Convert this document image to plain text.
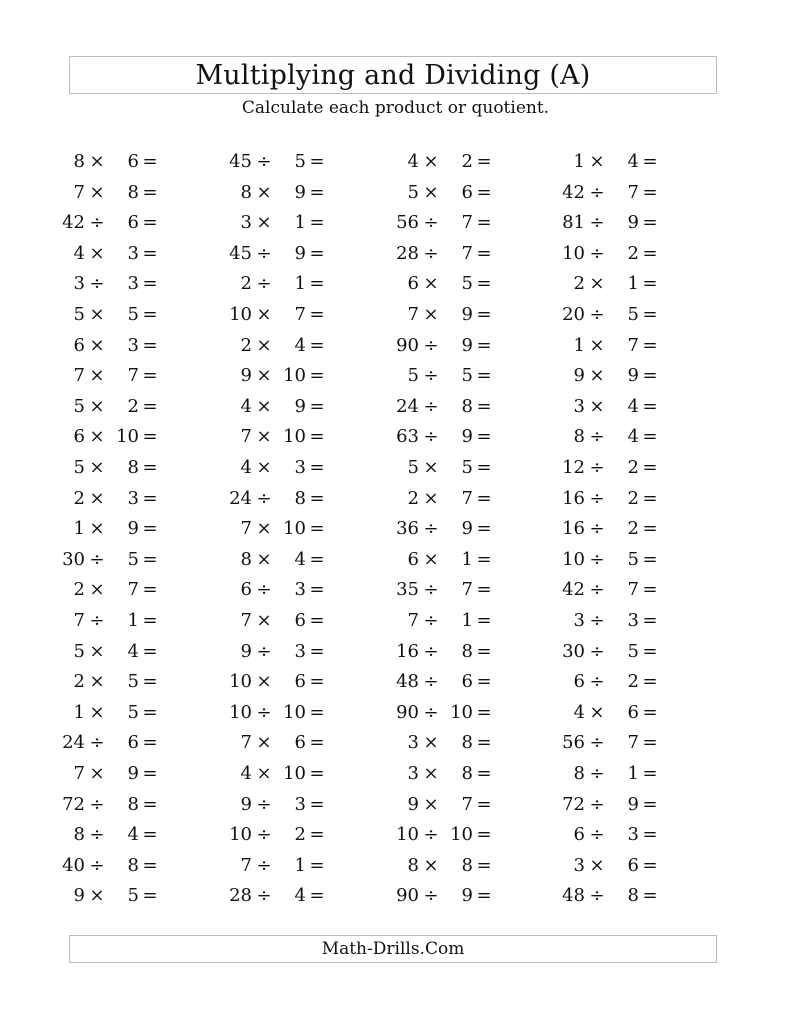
Multiplying and Dividing (A)
Calculate each product or quotient.
8 ×	6 =	45 ÷	5 =	4 ×	2 =	1 ×	4 =
7 ×	8 =	8 ×	9 =	5 ×	6 =	42 ÷	7 =
42 ÷	6 =	3 ×	1 =	56 ÷	7 =	81 ÷	9 =
4 ×	3 =	45 ÷	9 =	28 ÷	7 =	10 ÷	2 =
3 ÷	3 =	2 ÷	1 =	6 ×	5 =	2 ×	1 =
5 ×	5 =	10 ×	7 =	7 ×	9 =	20 ÷	5 =
6 ×	3 =	2 ×	4 =	90 ÷	9 =	1 ×	7 =
7 ×	7 =	9 × 10 =	5 ÷	5 =	9 ×	9 =
5 ×	2 =	4 ×	9 =	24 ÷	8 =	3 ×	4 =
6 × 10 =	7 × 10 =	63 ÷	9 =	8 ÷	4 =
5 ×	8 =	4 ×	3 =	5 ×	5 =	12 ÷	2 =
2 ×	3 =	24 ÷	8 =	2 ×	7 =	16 ÷	2 =
1 ×	9 =	7 × 10 =	36 ÷	9 =	16 ÷	2 =
30 ÷	5 =	8 ×	4 =	6 ×	1 =	10 ÷	5 =
2 ×	7 =	6 ÷	3 =	35 ÷	7 =	42 ÷	7 =
7 ÷	1 =	7 ×	6 =	7 ÷	1 =	3 ÷	3 =
5 ×	4 =	9 ÷	3 =	16 ÷	8 =	30 ÷	5 =
2 ×	5 =	10 ×	6 =	48 ÷	6 =	6 ÷	2 =
1 ×	5 =	10 ÷ 10 =	90 ÷ 10 =	4 ×	6 =
24 ÷	6 =	7 ×	6 =	3 ×	8 =	56 ÷	7 =
7 ×	9 =	4 × 10 =	3 ×	8 =	8 ÷	1 =
72 ÷	8 =	9 ÷	3 =	9 ×	7 =	72 ÷	9 =
8 ÷	4 =	10 ÷	2 =	10 ÷ 10 =	6 ÷	3 =
40 ÷	8 =	7 ÷	1 =	8 ×	8 =	3 ×	6 =
9 ×	5 =	28 ÷	4 =	90 ÷	9 =	48 ÷	8 =
Math-Drills.Com
